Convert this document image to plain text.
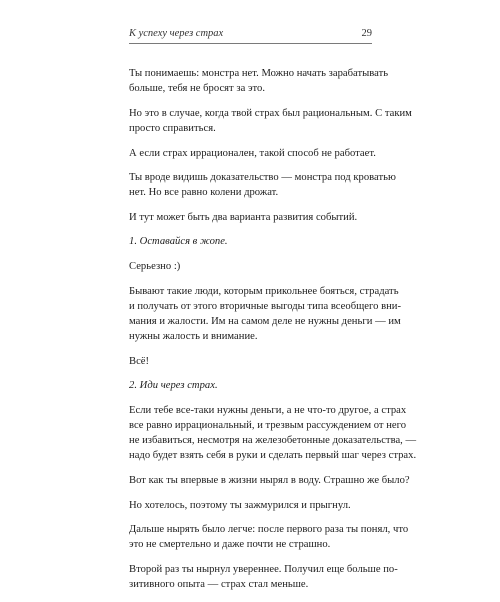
К успеху через страх	29
Ты понимаешь: монстра нет. Можно начать зарабатывать
больше, тебя не бросят за это.
Но это в случае, когда твой страх был рациональным. С таким
просто справиться.
А если страх иррационален, такой способ не работает.
Ты вроде видишь доказательство — монстра под кроватью
нет. Но все равно колени дрожат.
И тут может быть два варианта развития событий.
1. Оставайся в жопе.
Серьезно :)
Бывают такие люди, которым прикольнее бояться, страдать
и получать от этого вторичные выгоды типа всеобщего вни-
мания и жалости. Им на самом деле не нужны деньги — им
нужны жалость и внимание.
Всё!
2. Иди через страх.
Если тебе все-таки нужны деньги, а не что-то другое, а страх
все равно иррациональный, и трезвым рассуждением от него
не избавиться, несмотря на железобетонные доказательства, —
надо будет взять себя в руки и сделать первый шаг через страх.
Вот как ты впервые в жизни нырял в воду. Страшно же было?
Но хотелось, поэтому ты зажмурился и прыгнул.
Дальше нырять было легче: после первого раза ты понял, что
это не смертельно и даже почти не страшно.
Второй раз ты нырнул увереннее. Получил еще больше по-
зитивного опыта — страх стал меньше.
